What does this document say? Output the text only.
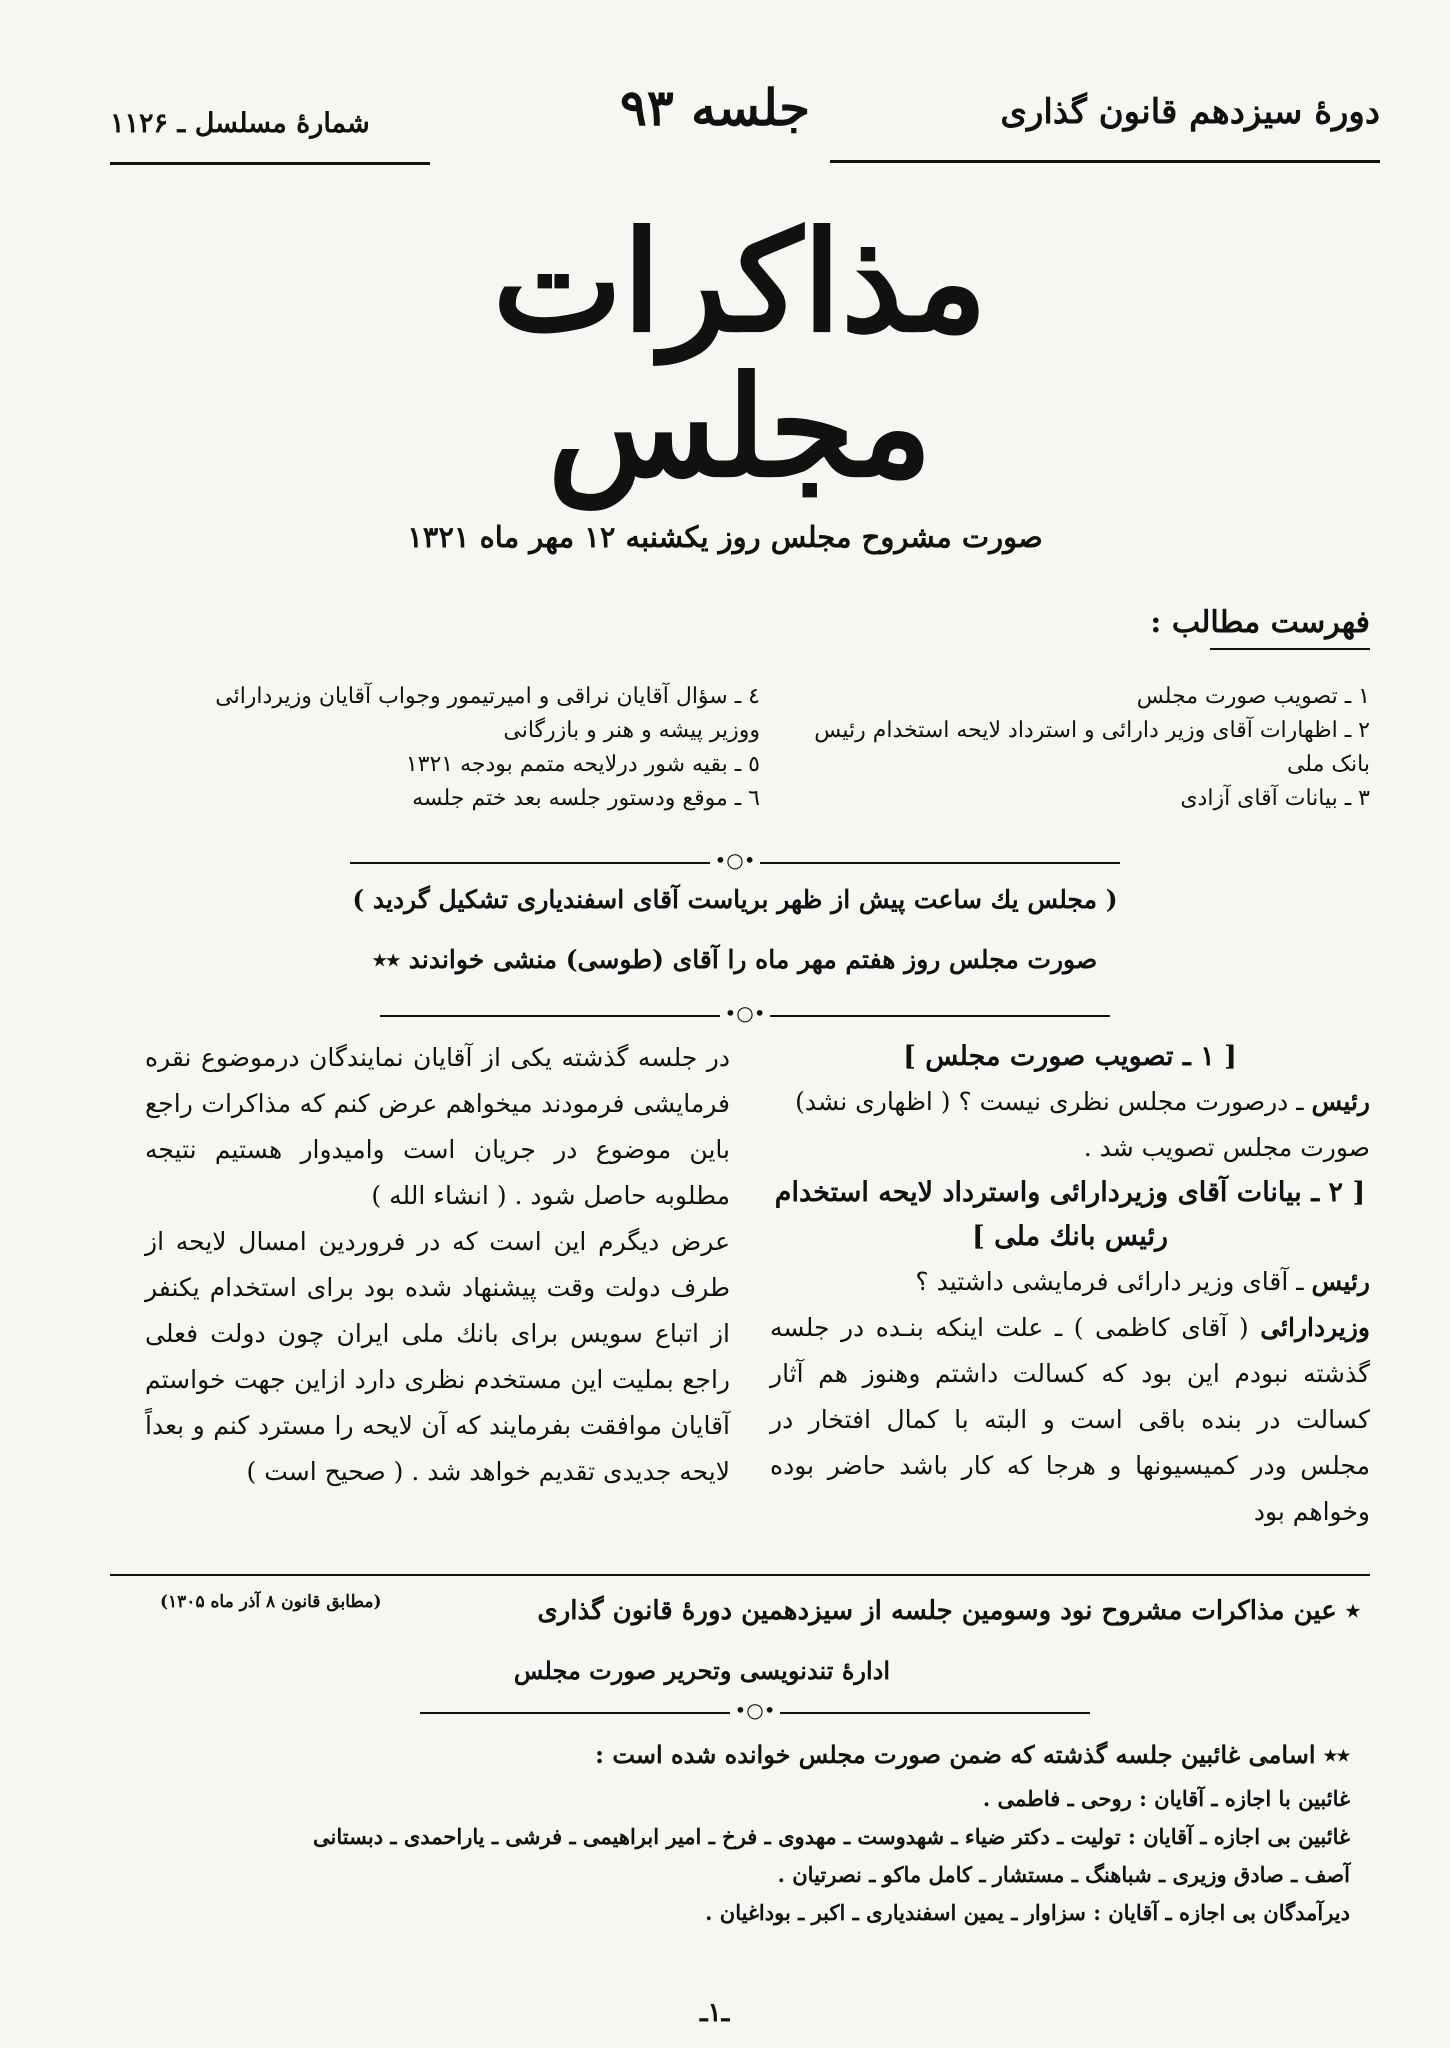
دورهٔ سیزدهم قانون گذاری
جلسه ۹۳
شمارهٔ مسلسل ـ ۱۱۲۶
مذاکرات مجلس
صورت مشروح مجلس روز یکشنبه ۱۲ مهر ماه ۱۳۲۱
فهرست مطالب :
۱ ـ تصویب صورت مجلس
۲ ـ اظهارات آقای وزیر دارائی و استرداد لایحه استخدام رئیس
بانک ملی
۳ ـ بیانات آقای آزادی
٤ ـ سؤال آقایان نراقی و امیرتیمور وجواب آقایان وزیردارائی
ووزیر پیشه و هنر و بازرگانی
٥ ـ بقیه شور درلایحه متمم بودجه ۱۳۲۱
٦ ـ موقع ودستور جلسه بعد ختم جلسه
•○•
( مجلس یك ساعت پیش از ظهر بریاست آقای اسفندیاری تشکیل گردید )
صورت مجلس روز هفتم مهر ماه را آقای (طوسی) منشی خواندند ٭٭
•○•
[ ۱ ـ تصویب صورت مجلس ]

رئیس ـ درصورت مجلس نظری نیست ؟ ( اظهاری نشد)

صورت مجلس تصویب شد .

[ ۲ ـ بیانات آقای وزیردارائی واسترداد لایحه استخدام رئیس بانك ملی ]

رئیس ـ آقای وزیر دارائی فرمایشی داشتید ؟

وزیردارائی ( آقای کاظمی ) ـ علت اینکه بنـده در جلسه گذشته نبودم این بود که کسالت داشتم وهنوز هم آثار کسالت در بنده باقی است و البته با کمال افتخار در مجلس ودر کمیسیونها و هرجا که کار باشد حاضر بوده وخواهم بود

در جلسه گذشته یکی از آقایان نمایندگان درموضوع نقره فرمایشی فرمودند میخواهم عرض کنم که مذاکرات راجع باین موضوع در جریان است وامیدوار هستیم نتیجه مطلوبه حاصل شود . ( انشاء الله )

عرض دیگرم این است که در فروردین امسال لایحه از طرف دولت وقت پیشنهاد شده بود برای استخدام یکنفر از اتباع سویس برای بانك ملی ایران چون دولت فعلی راجع بملیت این مستخدم نظری دارد ازاین جهت خواستم آقایان موافقت بفرمایند که آن لایحه را مسترد کنم و بعداً لایحه جدیدی تقدیم خواهد شد . ( صحیح است )

٭ عین مذاکرات مشروح نود وسومین جلسه از سیزدهمین دورهٔ قانون گذاری
(مطابق قانون ۸ آذر ماه ۱۳۰۵)
ادارهٔ تندنویسی وتحریر صورت مجلس
•○•
٭٭ اسامی غائبین جلسه گذشته که ضمن صورت مجلس خوانده شده است :
غائبین با اجازه ـ آقایان : روحی ـ فاطمی .
غائبین بی اجازه ـ آقایان : تولیت ـ دکتر ضیاء ـ شهدوست ـ مهدوی ـ فرخ ـ امیر ابراهیمی ـ فرشی ـ یاراحمدی ـ دبستانی
آصف ـ صادق وزیری ـ شباهنگ ـ مستشار ـ کامل ماکو ـ نصرتیان .
دیرآمدگان بی اجازه ـ آقایان : سزاوار ـ یمین اسفندیاری ـ اکبر ـ بوداغیان .
ـ۱ـ
